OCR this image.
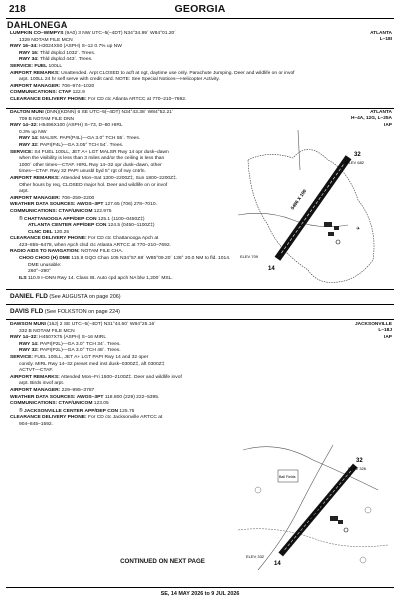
218	GEORGIA
DAHLONEGA
LUMPKIN CO–WIMPYS (9A0) 3 NW UTC–5(–4DT) N34°34.99´ W84°01.20´
1329 NOTAM FILE MCN
RWY 16–34: H3024X50 (ASPH) S–12 0.7% up NW
RWY 16: Thld dsplcd 1032´. Trees.
RWY 34: Thld dsplcd 443´. Trees.
SERVICE: FUEL 100LL
AIRPORT REMARKS: Unattended. Arpt CLOSED to acft at ngt, daytime use only. Parachute Jumping. Deer and wildlife on or invof
arpt. 100LL 24 hr self serve with credit card. NOTE: See Special Notices—Helicopter Activity.
AIRPORT MANAGER: 706–974–1020
COMMUNICATIONS: CTAF 122.9
CLEARANCE DELIVERY PHONE: For CD ctc Atlanta ARTCC at 770–210–7692.
ATLANTA
L–18I
DALTON MUNI (DNN)(KDNN) 6 SE UTC–5(–4DT) N34°43.38´ W84°52.21´
709 B NOTAM FILE DNN
RWY 14–32: H5496X100 (ASPH) S–73, D–80 HIRL
0.3% up NW
RWY 14: MALSR. PAPI(P4L)—GA 3.0° TCH 55´. Trees.
RWY 32: PAPI(P4L)—GA 3.05° TCH 54´. Trees.
SERVICE: S4 FUEL 100LL, JET A+ LGT MALSR Rwy 14 opr dusk–dawn
when the visibility is less than 3 miles and/or the ceiling is less than
1000´ other times—CTAF. HIRL Rwy 14–32 opr dusk–dawn, other
times—CTAF. Rwy 32 PAPI unusbl byd 5° rgt of rwy cntrln.
AIRPORT REMARKS: Attended Mon–Sat 1300–2200Z‡, Sun 1800–2200Z‡.
Other hours by req, CLOSED major hol. Deer and wildlife on or invof
arpt.
AIRPORT MANAGER: 706–259–2200
WEATHER DATA SOURCES: AWOS–3PT 127.65 (706) 278–7010.
COMMUNICATIONS: CTAF/UNICOM 122.975
® CHATTANOOGA APP/DEP CON 125.1 (1100–0450Z‡)
ATLANTA CENTER APP/DEP CON 124.5 (0450–1100Z‡)
CLNC DEL 120.25
CLEARANCE DELIVERY PHONE: For CD ctc Chattanooga Apch at
423–855–6478, when Apch clsd ctc Atlanta ARTCC at 770–210–7692.
RADIO AIDS TO NAVIGATION: NOTAM FILE CHA.
CHOO CHOO (H) DME 115.8 GQO Chan 105 N34°57.68´ W85°09.20´ 136° 20.0 NM to fld. 1014.
DME unusable:
260°–290°
ILS 110.9 I–DNN Rwy 14. Class IB. Auto cpd apch NA blw 1,200´ MSL.
ATLANTA
H–4A, 12G, L–25A
IAP
5496 X 100
14
32
ELEV 709
ELEV 682
✈
DANIEL FLD (See AUGUSTA on page 206)
DAVIS FLD (See FOLKSTON on page 224)
DAWSON MUNI (16J) 2 SE UTC–5(–4DT) N31°44.60´ W84°25.16´
332 B NOTAM FILE MCN
RWY 14–32: H4507X75 (ASPH) S–16 MIRL
RWY 14: PAPI(P2L)—GA 3.0° TCH 34´. Trees.
RWY 32: PAPI(P2L)—GA 3.0° TCH 48´. Trees.
SERVICE: FUEL 100LL, JET A+ LGT PAPI Rwy 14 and 32 oper
consly. MIRL Rwy 14–32 preset med inst dusk–0300Z‡, aft 0300Z‡
ACTVT—CTAF.
AIRPORT REMARKS: Attended Mon–Fri 1500–2100Z‡. Deer and wildlife invof
arpt. Birds invof arpt.
AIRPORT MANAGER: 229–995–3787
WEATHER DATA SOURCES: AWOS–3PT 118.800 (229) 222–5395.
COMMUNICATIONS: CTAF/UNICOM 123.05
® JACKSONVILLE CENTER APP/DEP CON 125.75
CLEARANCE DELIVERY PHONE: For CD ctc Jacksonville ARTCC at
904–845–1592.
JACKSONVILLE
L–18J
IAP
4507 X 75
14
32
ELEV 332
ELEV 326
Ball Fields
CONTINUED ON NEXT PAGE
SE, 14 MAY 2026 to 9 JUL 2026
